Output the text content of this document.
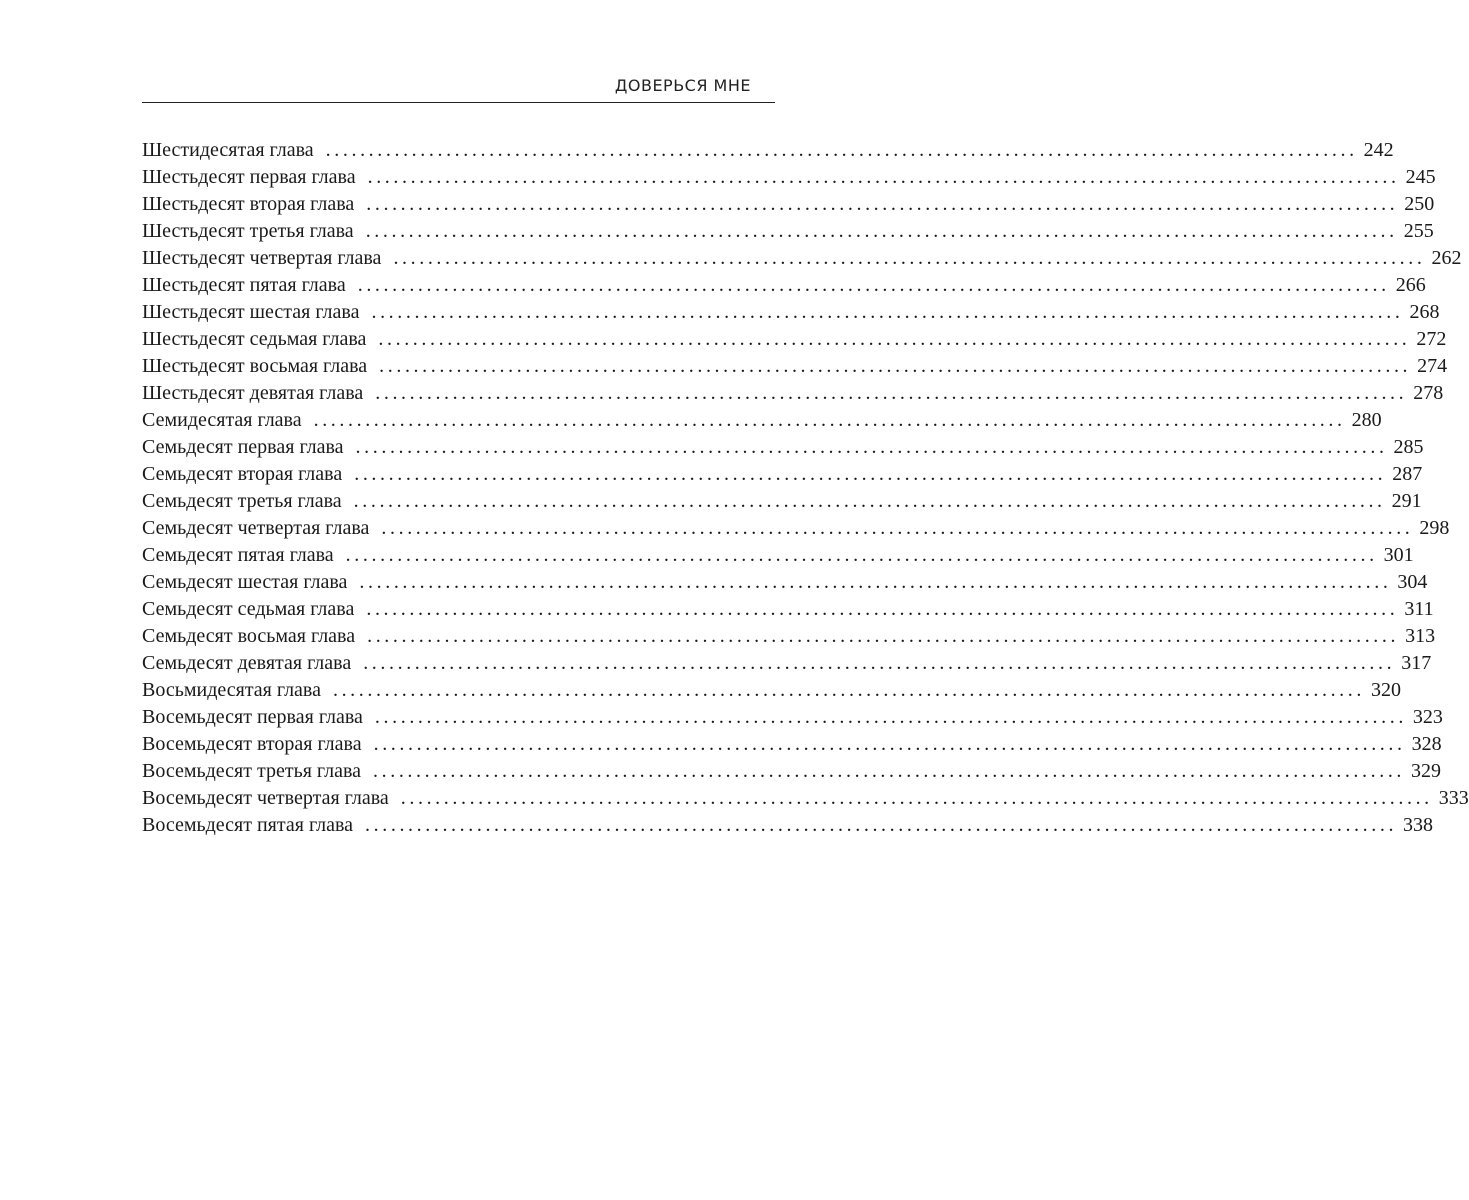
ДОВЕРЬСЯ МНЕ
Шестидесятая глава ........................................................................................................................ 242
Шестьдесят первая глава ........................................................................................................................ 245
Шестьдесят вторая глава ........................................................................................................................ 250
Шестьдесят третья глава ........................................................................................................................ 255
Шестьдесят четвертая глава ........................................................................................................................ 262
Шестьдесят пятая глава ........................................................................................................................ 266
Шестьдесят шестая глава ........................................................................................................................ 268
Шестьдесят седьмая глава ........................................................................................................................ 272
Шестьдесят восьмая глава ........................................................................................................................ 274
Шестьдесят девятая глава ........................................................................................................................ 278
Семидесятая глава ........................................................................................................................ 280
Семьдесят первая глава ........................................................................................................................ 285
Семьдесят вторая глава ........................................................................................................................ 287
Семьдесят третья глава ........................................................................................................................ 291
Семьдесят четвертая глава ........................................................................................................................ 298
Семьдесят пятая глава ........................................................................................................................ 301
Семьдесят шестая глава ........................................................................................................................ 304
Семьдесят седьмая глава ........................................................................................................................ 311
Семьдесят восьмая глава ........................................................................................................................ 313
Семьдесят девятая глава ........................................................................................................................ 317
Восьмидесятая глава ........................................................................................................................ 320
Восемьдесят первая глава ........................................................................................................................ 323
Восемьдесят вторая глава ........................................................................................................................ 328
Восемьдесят третья глава ........................................................................................................................ 329
Восемьдесят четвертая глава ........................................................................................................................ 333
Восемьдесят пятая глава ........................................................................................................................ 338
